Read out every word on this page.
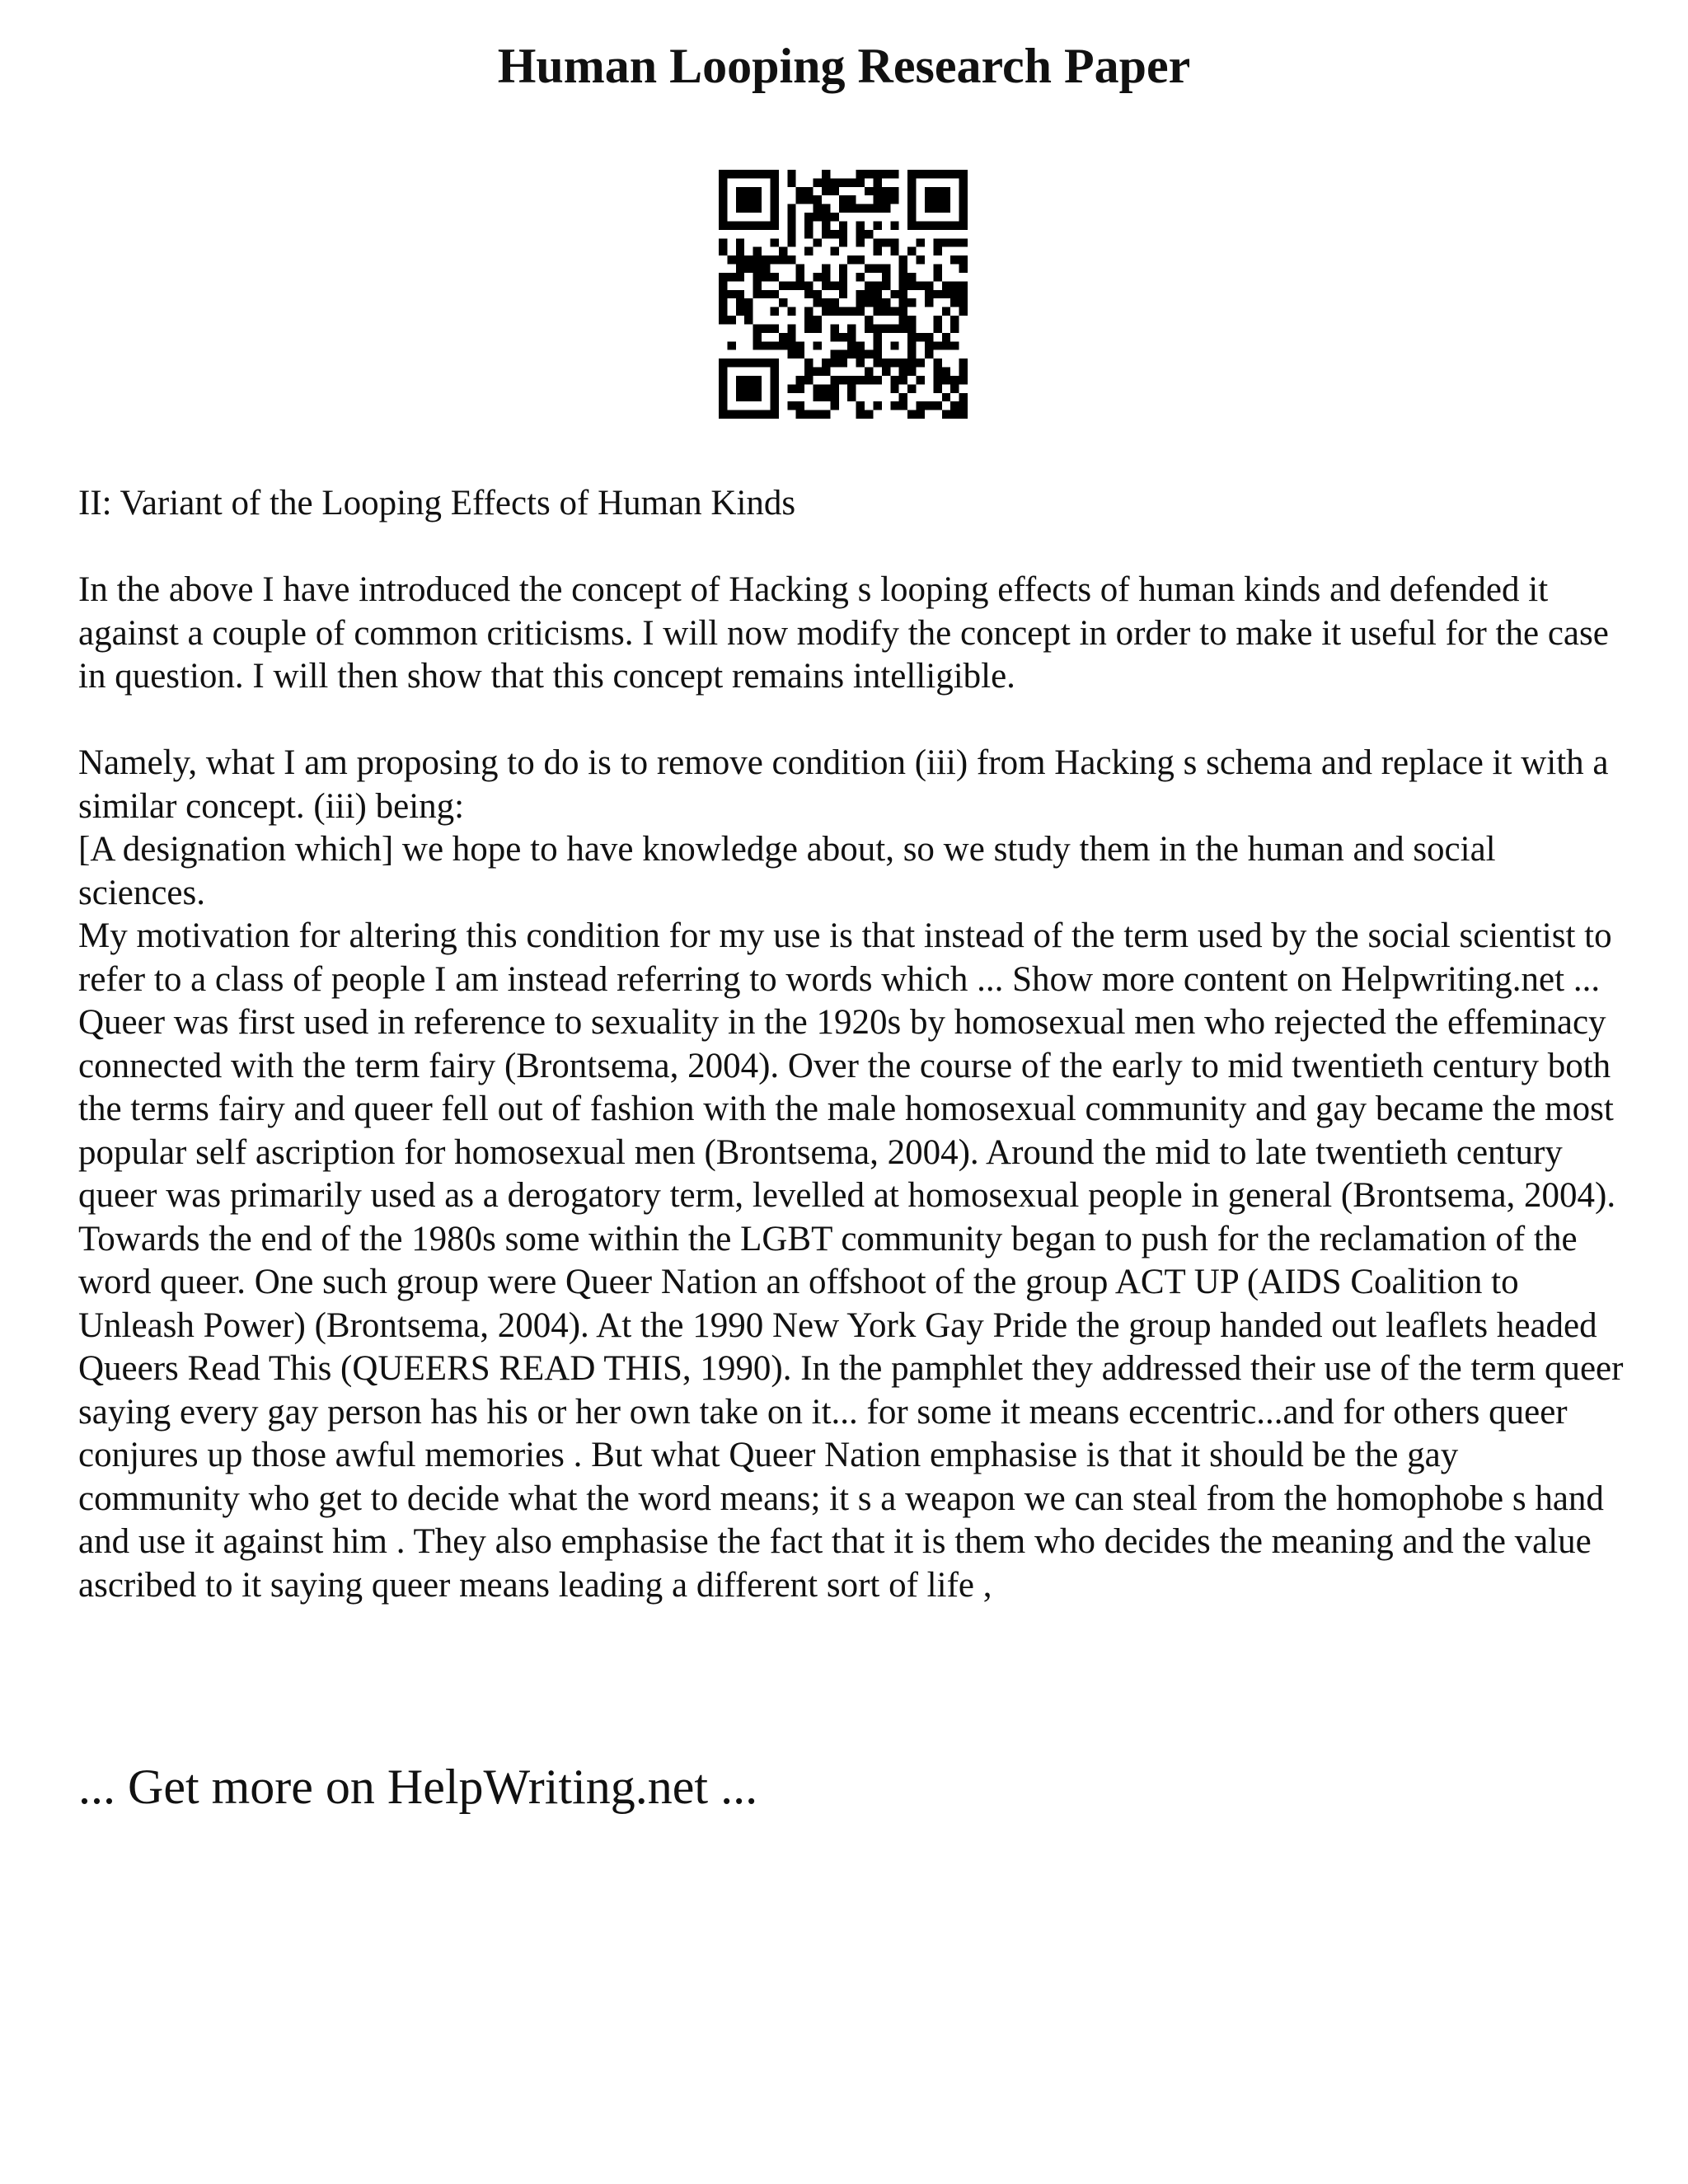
Human Looping Research Paper

II: Variant of the Looping Effects of Human Kinds

In the above I have introduced the concept of Hacking s looping effects of human kinds and defended it against a couple of common criticisms. I will now modify the concept in order to make it useful for the case in question. I will then show that this concept remains intelligible.

Namely, what I am proposing to do is to remove condition (iii) from Hacking s schema and replace it with a similar concept. (iii) being:

[A designation which] we hope to have knowledge about, so we study them in the human and social sciences.

My motivation for altering this condition for my use is that instead of the term used by the social scientist to refer to a class of people I am instead referring to words which ... Show more content on Helpwriting.net ...

Queer was first used in reference to sexuality in the 1920s by homosexual men who rejected the effeminacy connected with the term fairy (Brontsema, 2004). Over the course of the early to mid twentieth century both the terms fairy and queer fell out of fashion with the male homosexual community and gay became the most popular self ascription for homosexual men (Brontsema, 2004). Around the mid to late twentieth century queer was primarily used as a derogatory term, levelled at homosexual people in general (Brontsema, 2004). Towards the end of the 1980s some within the LGBT community began to push for the reclamation of the word queer. One such group were Queer Nation an offshoot of the group ACT UP (AIDS Coalition to Unleash Power) (Brontsema, 2004). At the 1990 New York Gay Pride the group handed out leaflets headed Queers Read This (QUEERS READ THIS, 1990). In the pamphlet they addressed their use of the term queer saying every gay person has his or her own take on it... for some it means eccentric...and for others queer conjures up those awful memories . But what Queer Nation emphasise is that it should be the gay community who get to decide what the word means; it s a weapon we can steal from the homophobe s hand and use it against him . They also emphasise the fact that it is them who decides the meaning and the value ascribed to it saying queer means leading a different sort of life ,

... Get more on HelpWriting.net ...
